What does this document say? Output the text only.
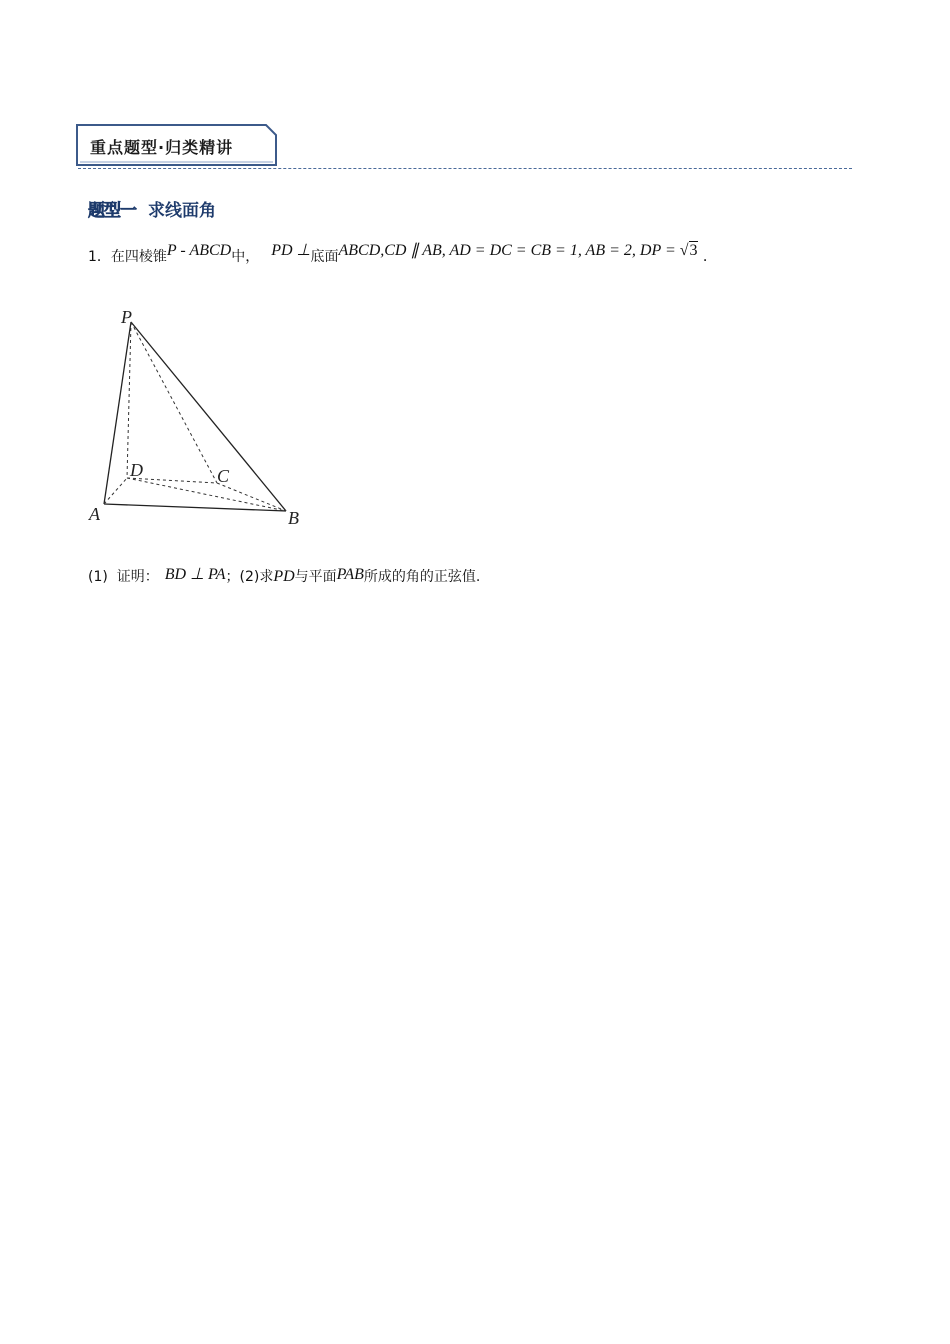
重点题型·归类精讲
题型一 求线面角
1． 在四棱锥 P - ABCD 中， PD ⊥ 底面 ABCD,CD ∥ AB, AD = DC = CB = 1, AB = 2, DP = √ 3 .
P
D	C
A	B
(1)  证明： BD ⊥ PA ；(2)求 PD 与平面 PAB 所成的角的正弦值.
